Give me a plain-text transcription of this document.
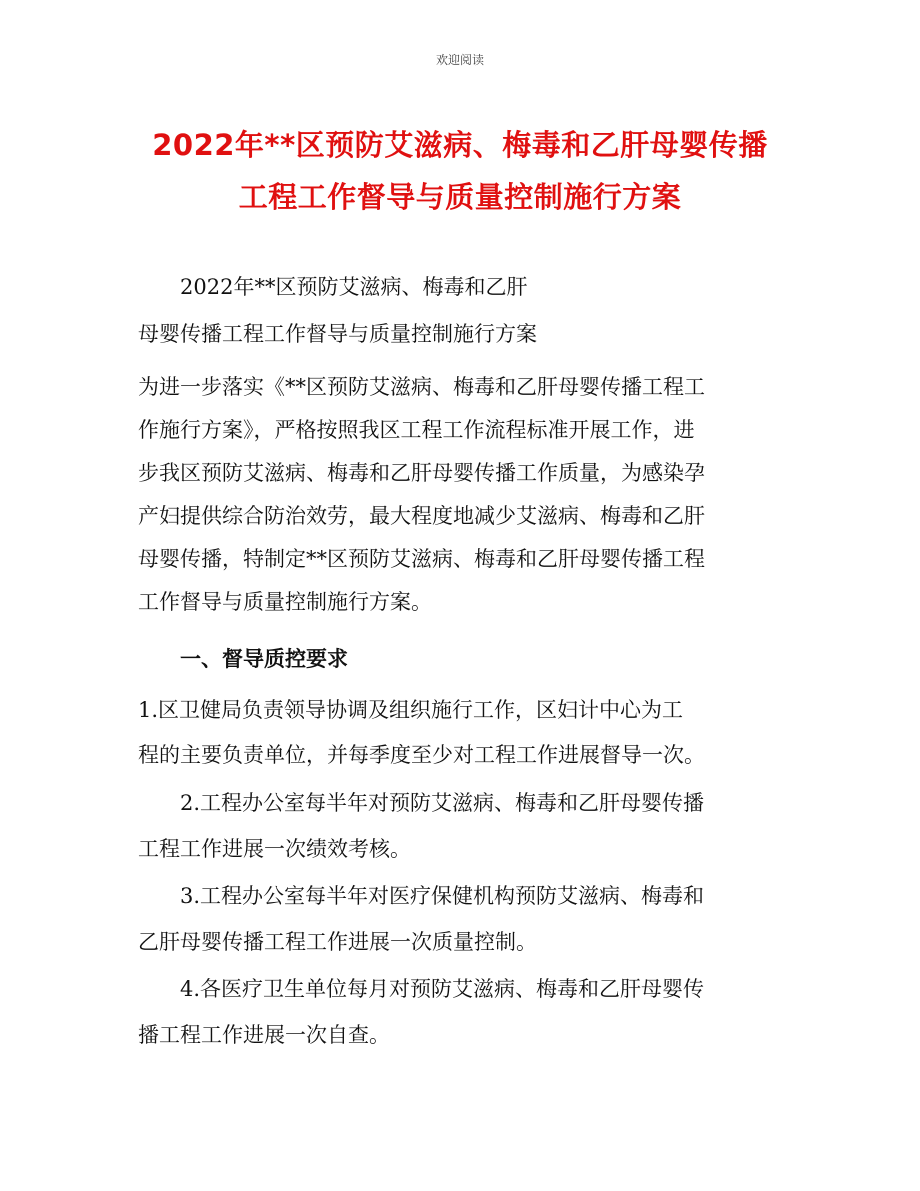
欢迎阅读
2022年**区预防艾滋病、梅毒和乙肝母婴传播
工程工作督导与质量控制施行方案
2022年**区预防艾滋病、梅毒和乙肝
母婴传播工程工作督导与质量控制施行方案
为进一步落实《**区预防艾滋病、梅毒和乙肝母婴传播工程工
作施行方案》，严格按照我区工程工作流程标准开展工作，进
步我区预防艾滋病、梅毒和乙肝母婴传播工作质量，为感染孕
产妇提供综合防治效劳，最大程度地减少艾滋病、梅毒和乙肝
母婴传播，特制定**区预防艾滋病、梅毒和乙肝母婴传播工程
工作督导与质量控制施行方案。
一、督导质控要求
1.区卫健局负责领导协调及组织施行工作，区妇计中心为工
程的主要负责单位，并每季度至少对工程工作进展督导一次。
2.工程办公室每半年对预防艾滋病、梅毒和乙肝母婴传播
工程工作进展一次绩效考核。
3.工程办公室每半年对医疗保健机构预防艾滋病、梅毒和
乙肝母婴传播工程工作进展一次质量控制。
4.各医疗卫生单位每月对预防艾滋病、梅毒和乙肝母婴传
播工程工作进展一次自查。
